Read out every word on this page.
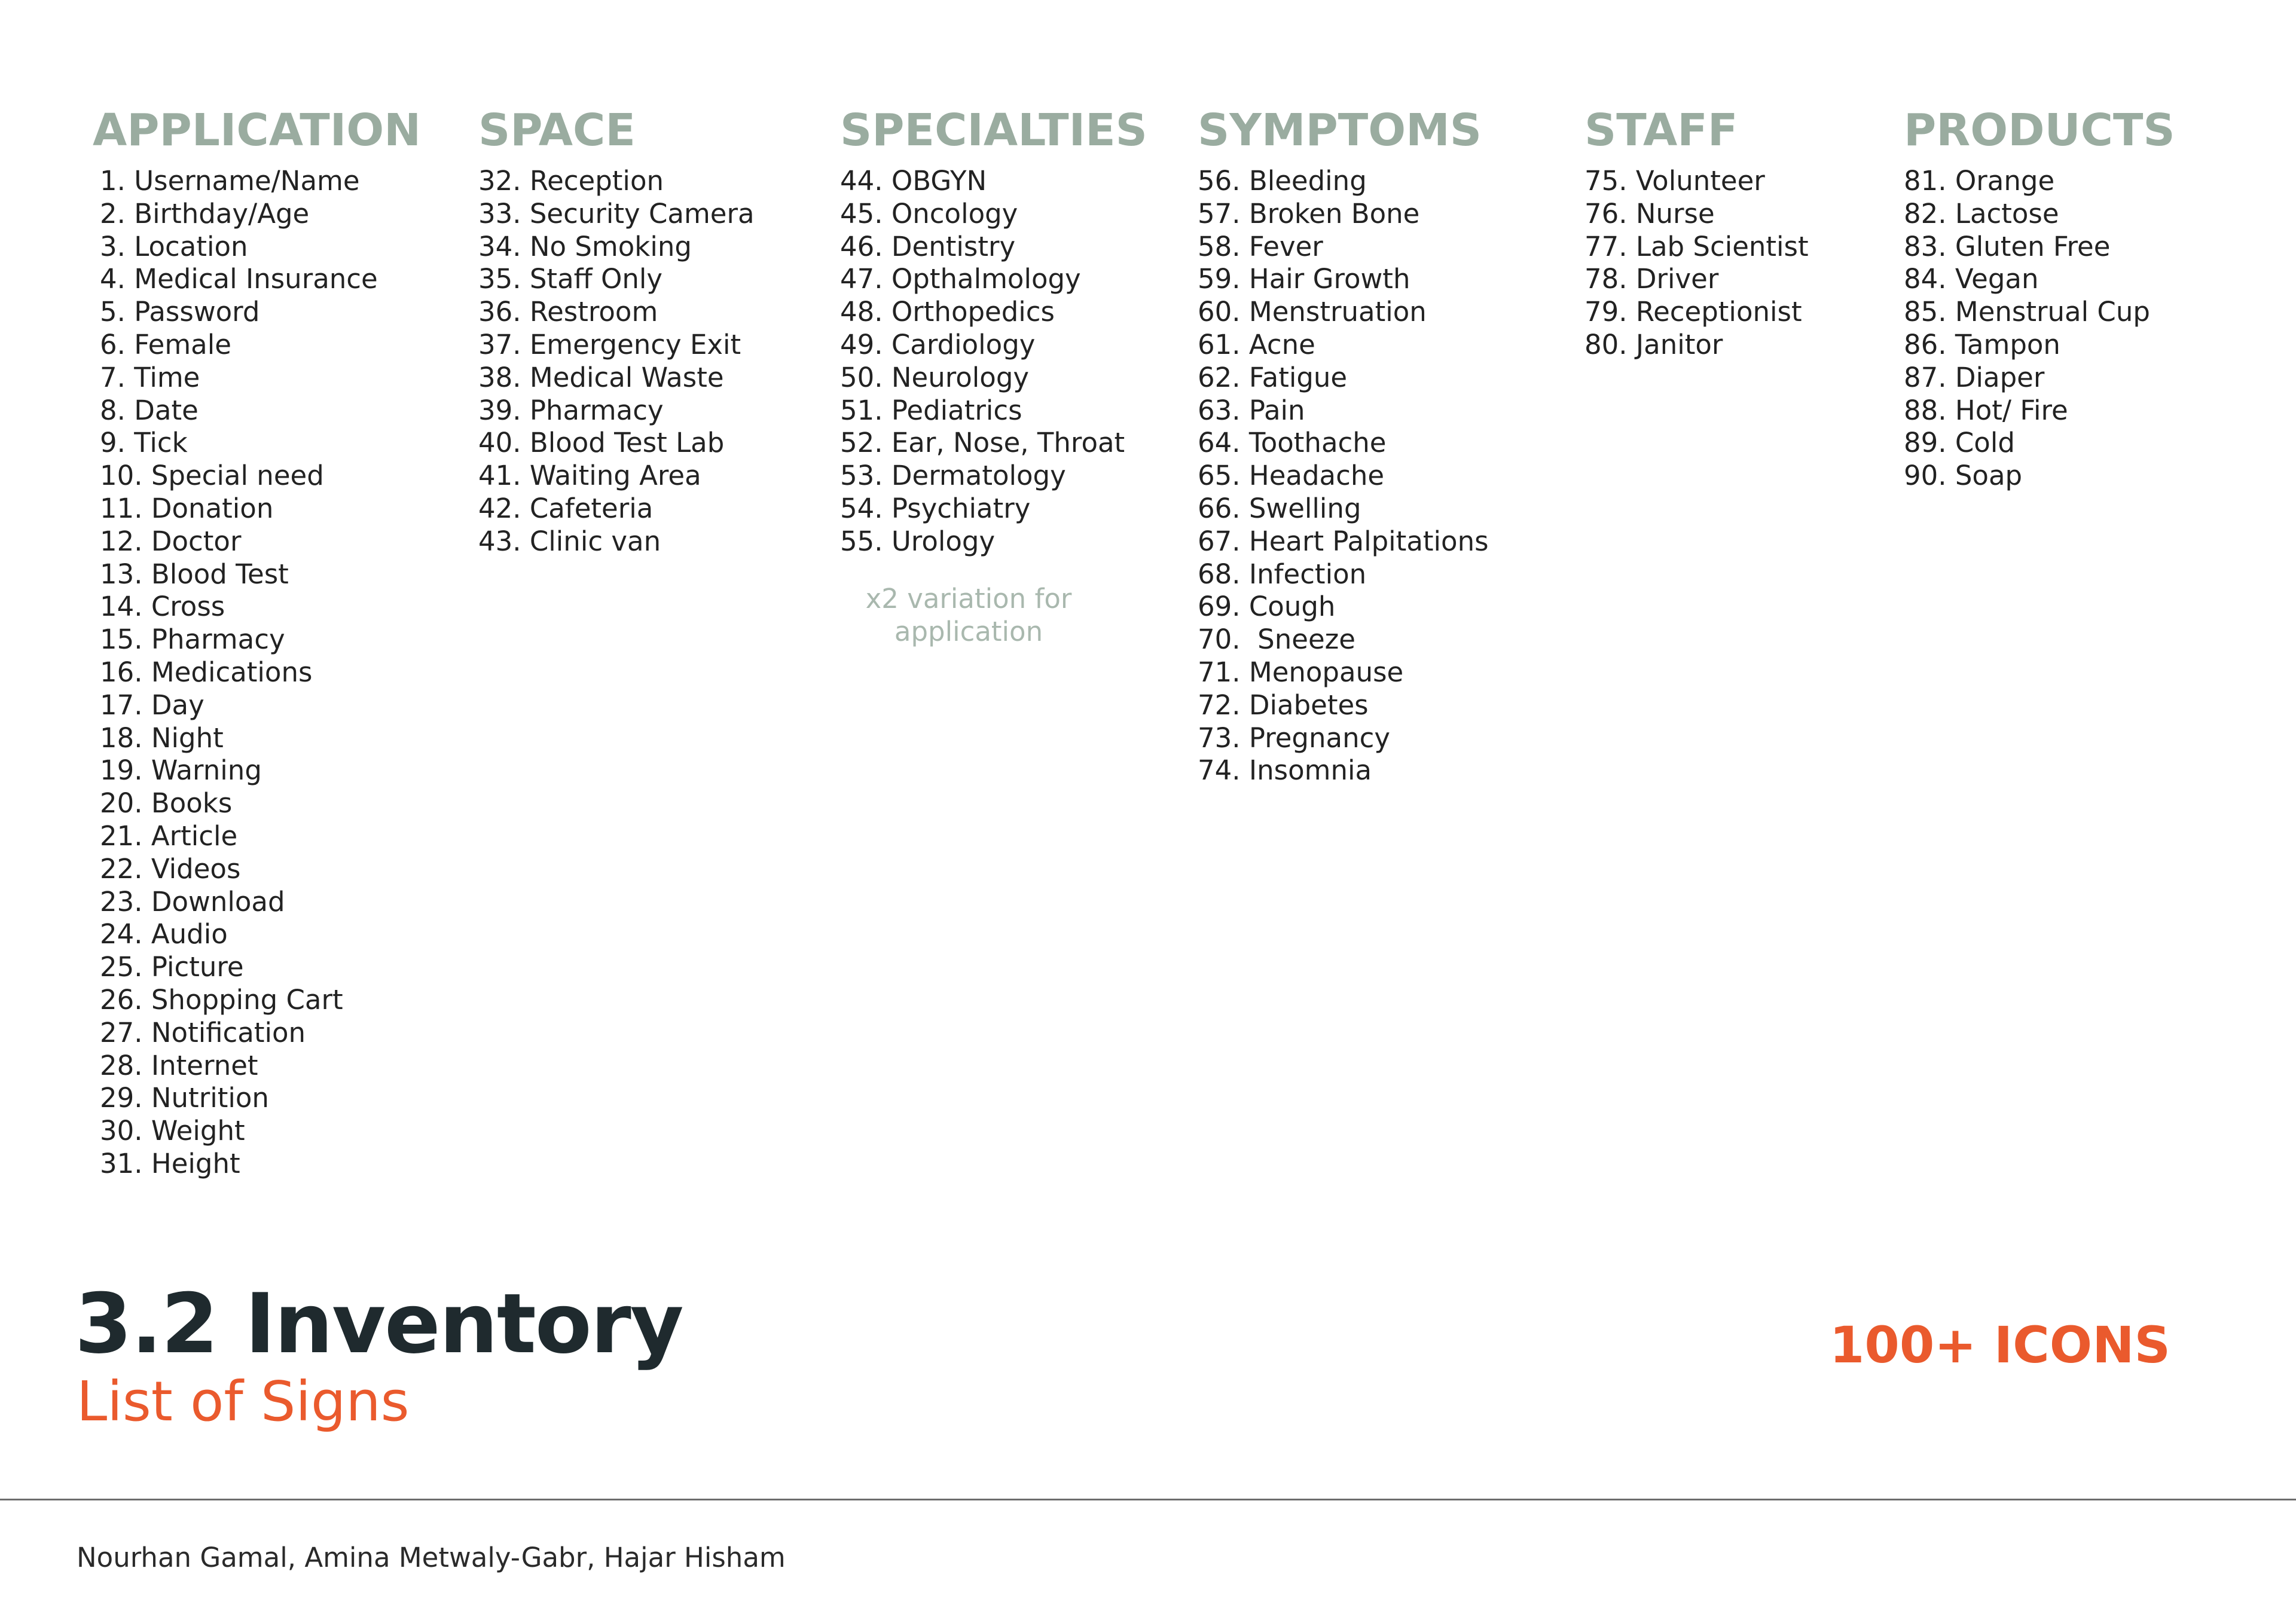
APPLICATION
1. Username/Name
2. Birthday/Age
3. Location
4. Medical Insurance
5. Password
6. Female
7. Time
8. Date
9. Tick
10. Special need
11. Donation
12. Doctor
13. Blood Test
14. Cross
15. Pharmacy
16. Medications
17. Day
18. Night
19. Warning
20. Books
21. Article
22. Videos
23. Download
24. Audio
25. Picture
26. Shopping Cart
27. Notification
28. Internet
29. Nutrition
30. Weight
31. Height
SPACE
32. Reception
33. Security Camera
34. No Smoking
35. Staff Only
36. Restroom
37. Emergency Exit
38. Medical Waste
39. Pharmacy
40. Blood Test Lab
41. Waiting Area
42. Cafeteria
43. Clinic van
SPECIALTIES
44. OBGYN
45. Oncology
46. Dentistry
47. Opthalmology
48. Orthopedics
49. Cardiology
50. Neurology
51. Pediatrics
52. Ear, Nose, Throat
53. Dermatology
54. Psychiatry
55. Urology
x2 variation for
application
SYMPTOMS
56. Bleeding
57. Broken Bone
58. Fever
59. Hair Growth
60. Menstruation
61. Acne
62. Fatigue
63. Pain
64. Toothache
65. Headache
66. Swelling
67. Heart Palpitations
68. Infection
69. Cough
70.  Sneeze
71. Menopause
72. Diabetes
73. Pregnancy
74. Insomnia
STAFF
75. Volunteer
76. Nurse
77. Lab Scientist
78. Driver
79. Receptionist
80. Janitor
PRODUCTS
81. Orange
82. Lactose
83. Gluten Free
84. Vegan
85. Menstrual Cup
86. Tampon
87. Diaper
88. Hot/ Fire
89. Cold
90. Soap
3.2 Inventory
List of Signs
100+ ICONS
Nourhan Gamal, Amina Metwaly-Gabr, Hajar Hisham
